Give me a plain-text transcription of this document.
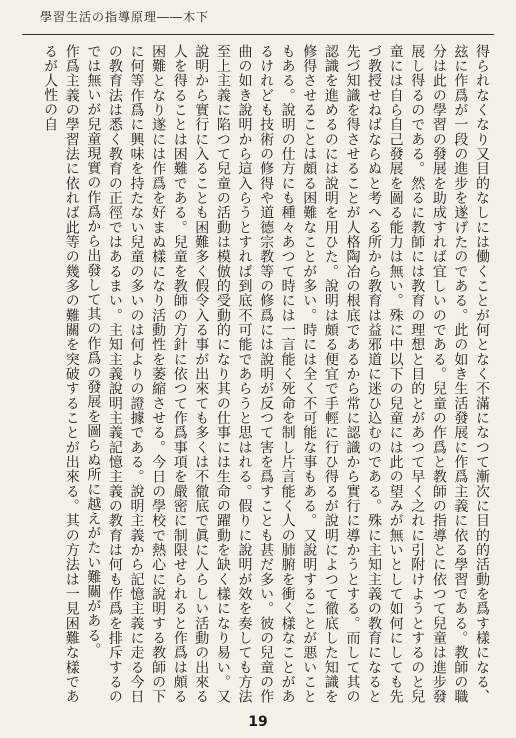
學習生活の指導原理――木下
得られなくなり又目的なしには働くことが何となく不滿になつて漸次に目的的活動を爲す樣になる、玆に作爲が一段の進步を遂げたのである。此の如き生活發展に作爲主義に依る學習である。教師の職分は此の學習の發展を助成すれば宜しいのである。兒童の作爲と教師の指導とに依つて兒童は進步發展し得るのである。然るに教師には教育の理想と目的とがあつて早く之れに引附けようとするのと兒童には自ら自己發展を圖る能力は無い。殊に中以下の兒童には此の望みが無いとして如何にしても先づ教授せねばならぬと考へる所から教育は益邪道に迷ひ込むのである。殊に主知主義の教育になると先づ知識を得させることが人格陶冶の根底であるから常に認識から實行に導かうとする。而して其の認識を進めるのには說明を用ひた。說明は頗る便宜で手輕に行ひ得るが說明によつて徹底した知識を修得させることは頗る困難なことが多い。時には全く不可能な事もある。又說明することが悪いこともある。說明の仕方にも種々あつて時には一言能く死命を制し片言能く人の肺腑を衝く樣なことがあるけれども技術の修得や道德宗教等の修爲には說明が反つて害を爲すことも甚だ多い。彼の兒童の作曲の如き說明から這入らうとすれば到底不可能であらうと思はれる。假りに說明が效を奏しても方法至上主義に陷つて兒童の活動は模倣的受動的になり其の仕事には生命の躍動を缺く樣になり易い。又說明から實行に入ることも困難多く假令入る事が出來ても多くは不徹底で眞に人らしい活動の出來る人を得ることは困難である。兒童を教師の方針に依つて作爲事項を嚴密に制限せられると作爲は頗る困難となり遂には作爲を好まぬ樣になり活動性を萎縮させる。今日の學校で熱心に說明する教師の下に何等作爲に興味を持たない兒童の多いのは何よりの證據である。說明主義から記憶主義に走る今日の教育法は悉く教育の正徑ではあるまい。主知主義說明主義記憶主義の教育は何も作爲を排斥するのでは無いが兒童現實の作爲から出發して其の作爲の發展を圖らぬ所に越えがたい難關がある。
作爲主義の學習法に依れば此等の幾多の難關を突破することが出來る。其の方法は一見困難な樣であるが人性の自
19
